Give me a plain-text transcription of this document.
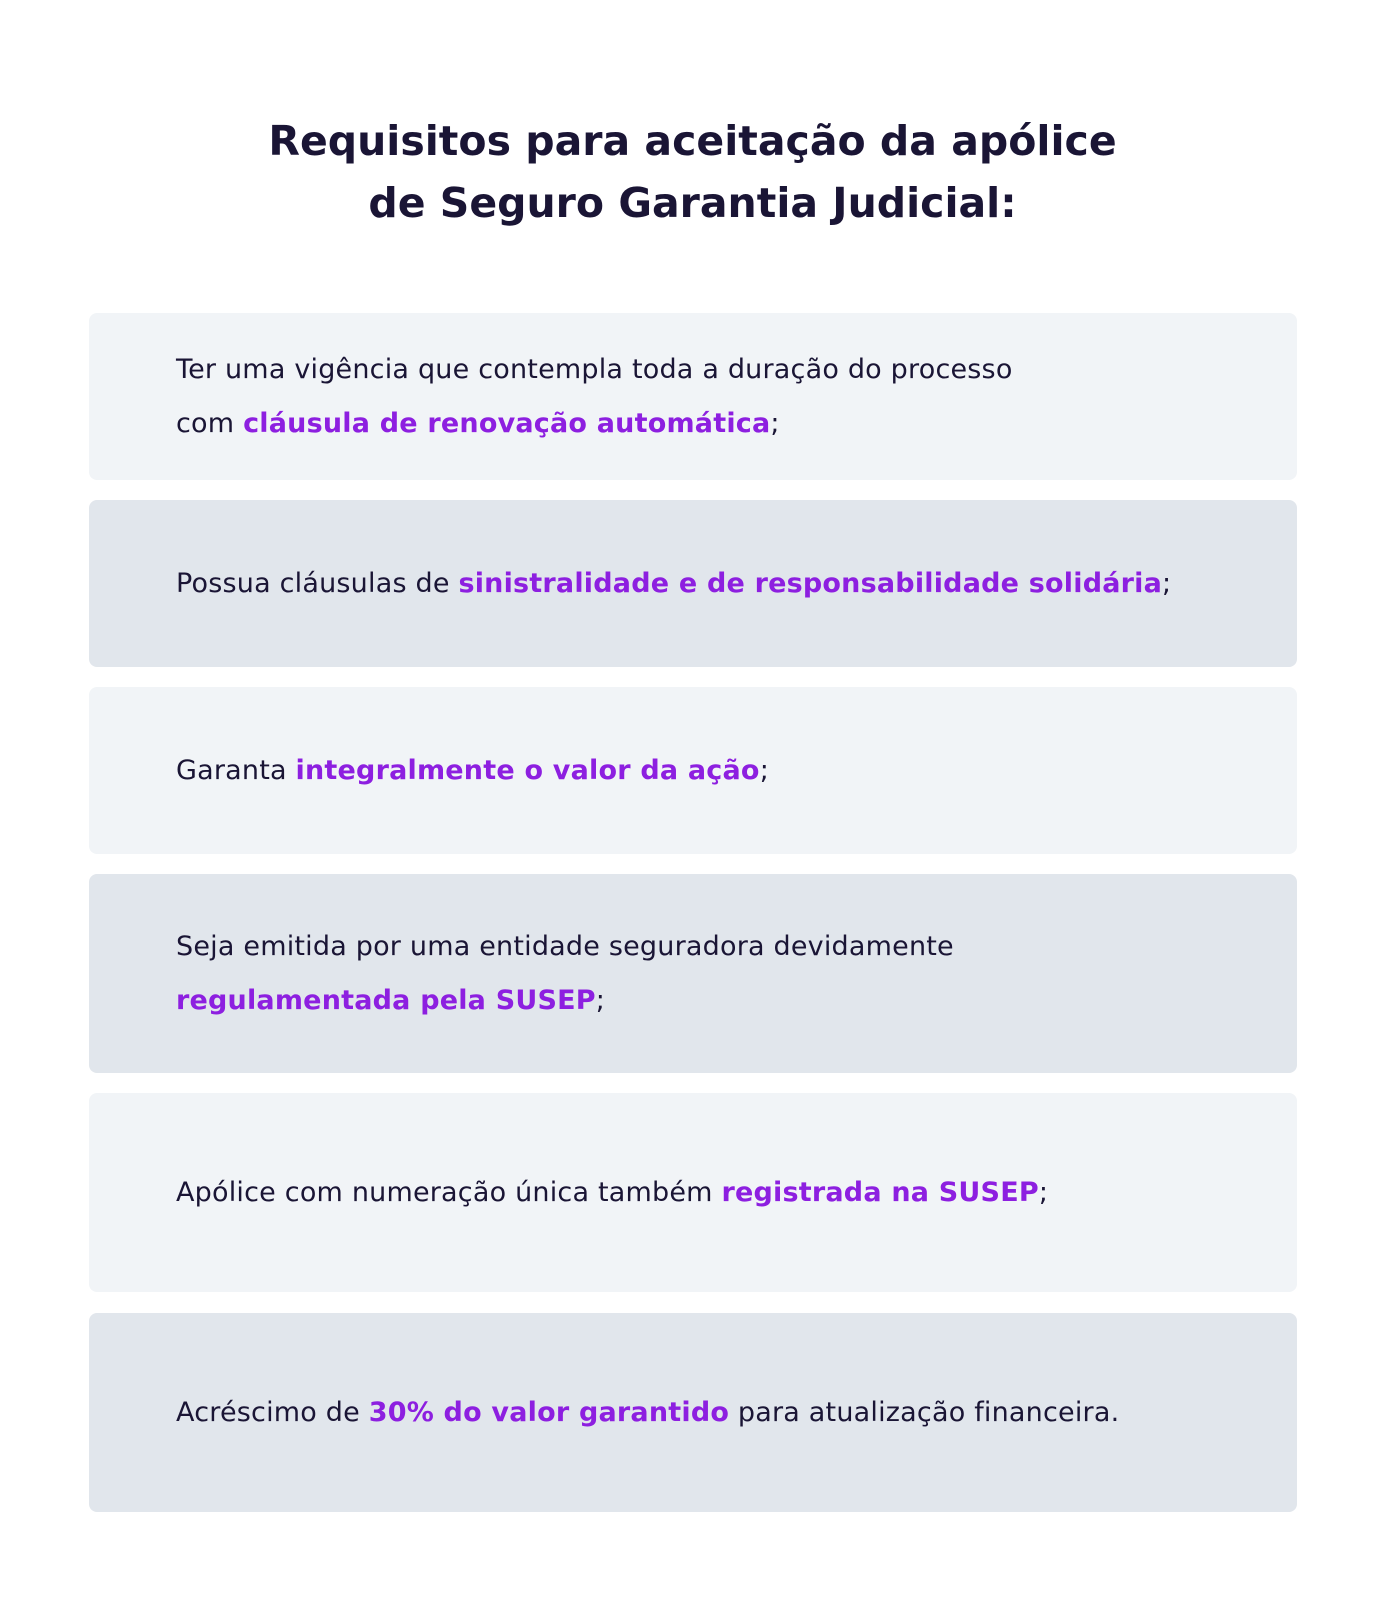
Requisitos para aceitação da apólice
de Seguro Garantia Judicial:

Ter uma vigência que contempla toda a duração do processo
com cláusula de renovação automática;

Possua cláusulas de sinistralidade e de responsabilidade solidária;

Garanta integralmente o valor da ação;

Seja emitida por uma entidade seguradora devidamente
regulamentada pela SUSEP;

Apólice com numeração única também registrada na SUSEP;

Acréscimo de 30% do valor garantido para atualização financeira.
